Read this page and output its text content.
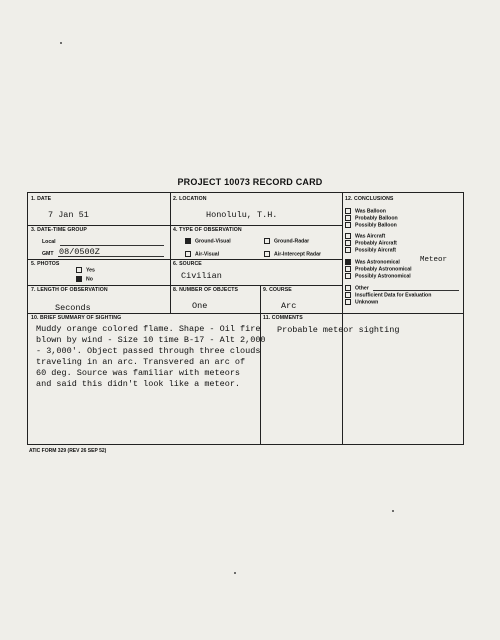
PROJECT 10073 RECORD CARD
1. DATE
7 Jan 51
2. LOCATION
Honolulu, T.H.
3. DATE-TIME GROUP
Local
GMT 08/0500Z
4. TYPE OF OBSERVATION
Ground-Visual	Ground-Radar
Air-Visual	Air-Intercept Radar
5. PHOTOS
Yes
No
6. SOURCE
Civilian
7. LENGTH OF OBSERVATION
Seconds
8. NUMBER OF OBJECTS
One
9. COURSE
Arc
10. BRIEF SUMMARY OF SIGHTING
Muddy orange colored flame. Shape - Oil fire
blown by wind - Size 10 time B-17 - Alt 2,000
- 3,000'. Object passed through three clouds
traveling in an arc. Transvered an arc of
60 deg. Source was familiar with meteors
and said this didn't look like a meteor.
11. COMMENTS
Probable meteor sighting
12. CONCLUSIONS
Was Balloon
Probably Balloon
Possibly Balloon
Was Aircraft
Probably Aircraft
Possibly Aircraft
Was Astronomical	Meteor
Probably Astronomical
Possibly Astronomical
Other
Insufficient Data for Evaluation
Unknown
ATIC FORM 329 (REV 26 SEP 52)
